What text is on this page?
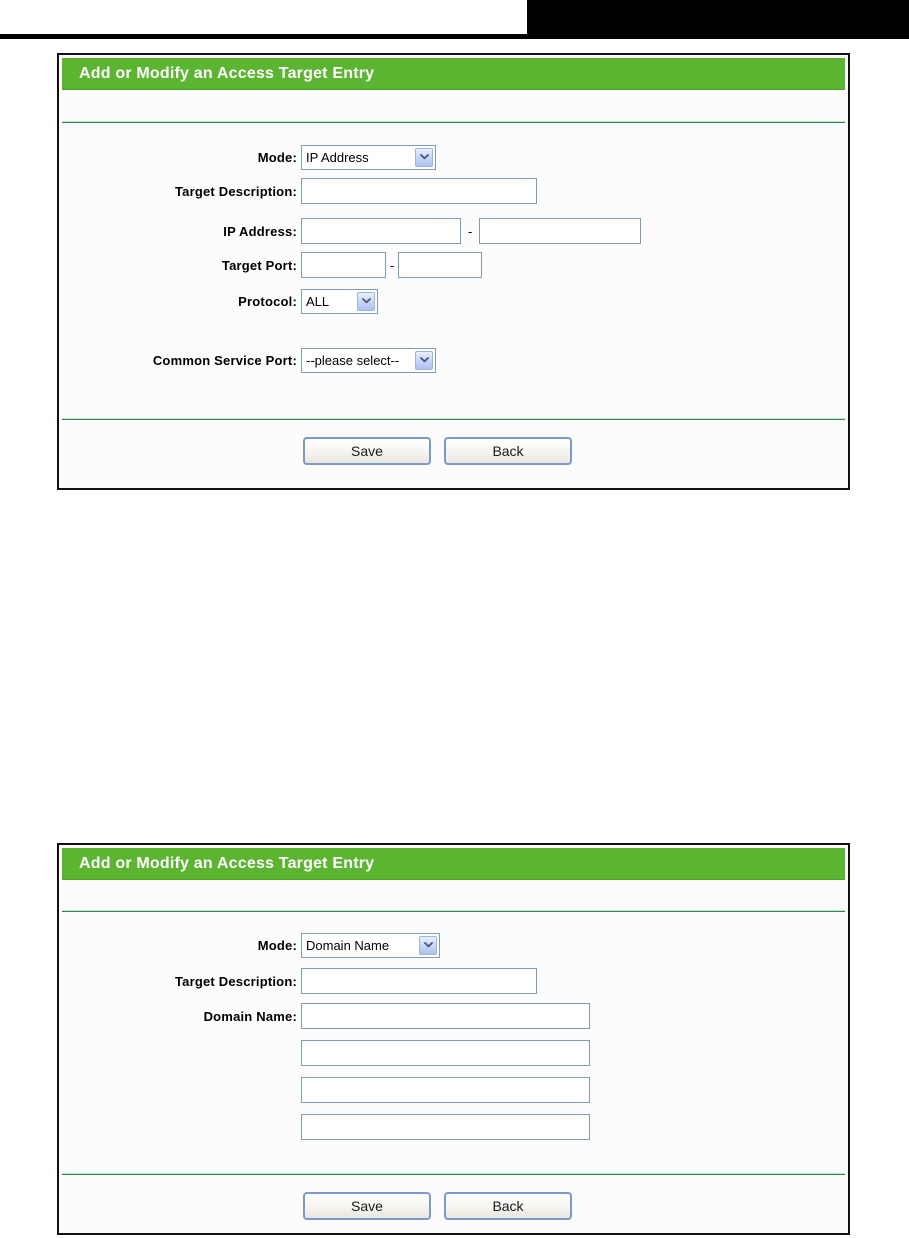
Add or Modify an Access Target Entry
Mode: IP Address
Target Description:
IP Address:	-
Target Port:	-
Protocol: ALL
Common Service Port: --please select--
Save	Back
Add or Modify an Access Target Entry
Mode: Domain Name
Target Description:
Domain Name:
Save	Back
